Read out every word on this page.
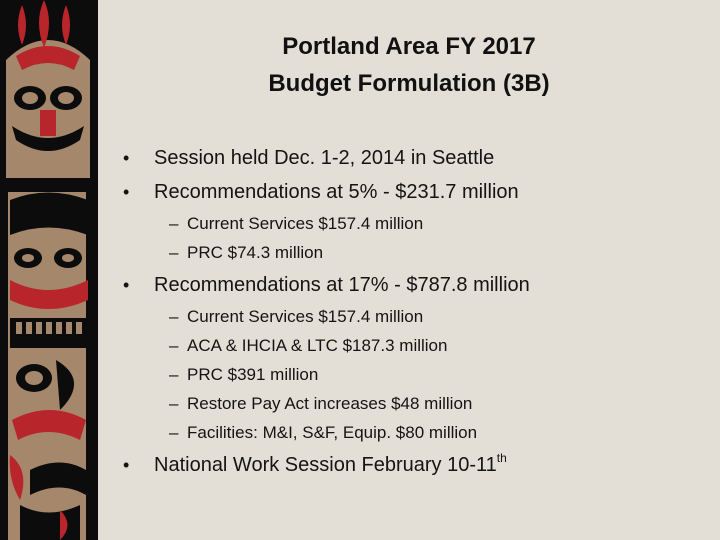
Portland Area FY 2017
Budget Formulation (3B)
• Session held Dec. 1-2, 2014 in Seattle
• Recommendations at 5% - $231.7 million
– Current Services $157.4 million
– PRC $74.3 million
• Recommendations at 17% - $787.8 million
– Current Services $157.4 million
– ACA & IHCIA & LTC $187.3 million
– PRC $391 million
– Restore Pay Act increases $48 million
– Facilities: M&I, S&F, Equip. $80 million
• National Work Session February 10-11th
